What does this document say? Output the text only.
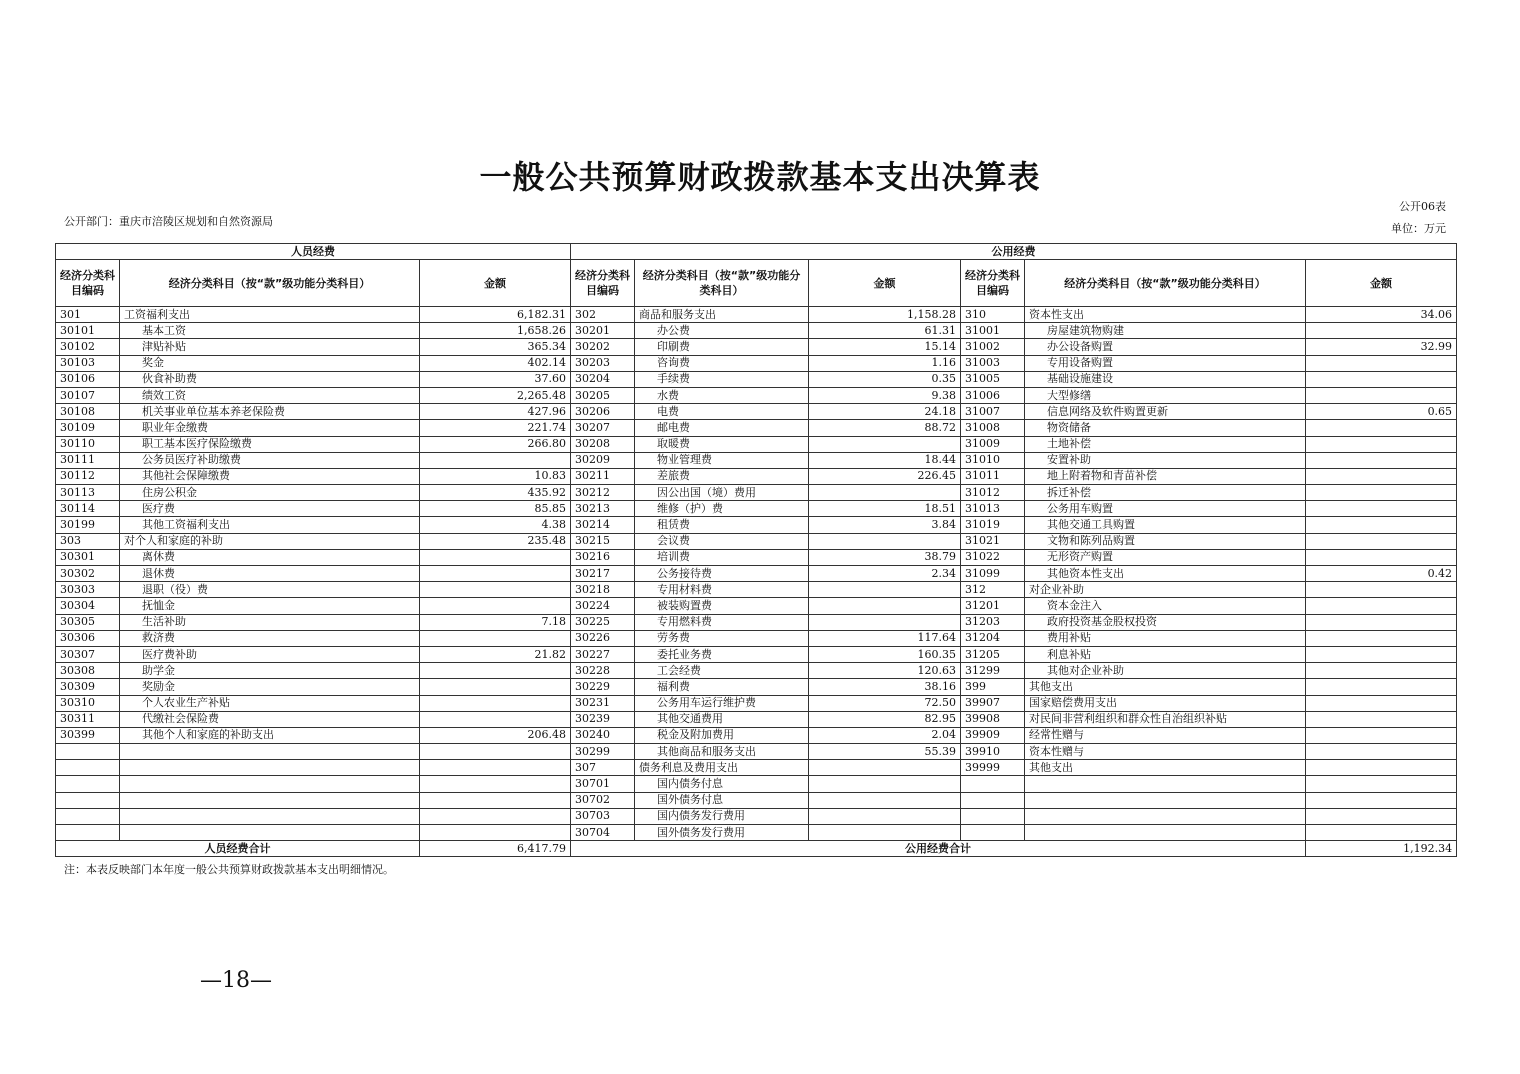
一般公共预算财政拨款基本支出决算表
公开06表
公开部门：重庆市涪陵区规划和自然资源局
单位：万元
人员经费			公用经费					
经济分类科目编码	经济分类科目（按“款”级功能分类科目）	金额	经济分类科目编码	经济分类科目（按“款”级功能分类科目）	金额	经济分类科目编码	经济分类科目（按“款”级功能分类科目）	金额
301	工资福利支出	6,182.31	302	商品和服务支出	1,158.28	310	资本性支出	34.06
30101	基本工资	1,658.26	30201	办公费	61.31	31001	房屋建筑物购建	
30102	津贴补贴	365.34	30202	印刷费	15.14	31002	办公设备购置	32.99
30103	奖金	402.14	30203	咨询费	1.16	31003	专用设备购置	
30106	伙食补助费	37.60	30204	手续费	0.35	31005	基础设施建设	
30107	绩效工资	2,265.48	30205	水费	9.38	31006	大型修缮	
30108	机关事业单位基本养老保险费	427.96	30206	电费	24.18	31007	信息网络及软件购置更新	0.65
30109	职业年金缴费	221.74	30207	邮电费	88.72	31008	物资储备	
30110	职工基本医疗保险缴费	266.80	30208	取暖费		31009	土地补偿	
30111	公务员医疗补助缴费		30209	物业管理费	18.44	31010	安置补助	
30112	其他社会保障缴费	10.83	30211	差旅费	226.45	31011	地上附着物和青苗补偿	
30113	住房公积金	435.92	30212	因公出国（境）费用		31012	拆迁补偿	
30114	医疗费	85.85	30213	维修（护）费	18.51	31013	公务用车购置	
30199	其他工资福利支出	4.38	30214	租赁费	3.84	31019	其他交通工具购置	
303	对个人和家庭的补助	235.48	30215	会议费		31021	文物和陈列品购置	
30301	离休费		30216	培训费	38.79	31022	无形资产购置	
30302	退休费		30217	公务接待费	2.34	31099	其他资本性支出	0.42
30303	退职（役）费		30218	专用材料费		312	对企业补助	
30304	抚恤金		30224	被装购置费		31201	资本金注入	
30305	生活补助	7.18	30225	专用燃料费		31203	政府投资基金股权投资	
30306	救济费		30226	劳务费	117.64	31204	费用补贴	
30307	医疗费补助	21.82	30227	委托业务费	160.35	31205	利息补贴	
30308	助学金		30228	工会经费	120.63	31299	其他对企业补助	
30309	奖励金		30229	福利费	38.16	399	其他支出	
30310	个人农业生产补贴		30231	公务用车运行维护费	72.50	39907	国家赔偿费用支出	
30311	代缴社会保险费		30239	其他交通费用	82.95	39908	对民间非营利组织和群众性自治组织补贴	
30399	其他个人和家庭的补助支出	206.48	30240	税金及附加费用	2.04	39909	经常性赠与	
			30299	其他商品和服务支出	55.39	39910	资本性赠与	
			307	债务利息及费用支出		39999	其他支出	
			30701	国内债务付息				
			30702	国外债务付息				
			30703	国内债务发行费用				
			30704	国外债务发行费用				
人员经费合计		6,417.79	公用经费合计					1,192.34
注：本表反映部门本年度一般公共预算财政拨款基本支出明细情况。
—18—
